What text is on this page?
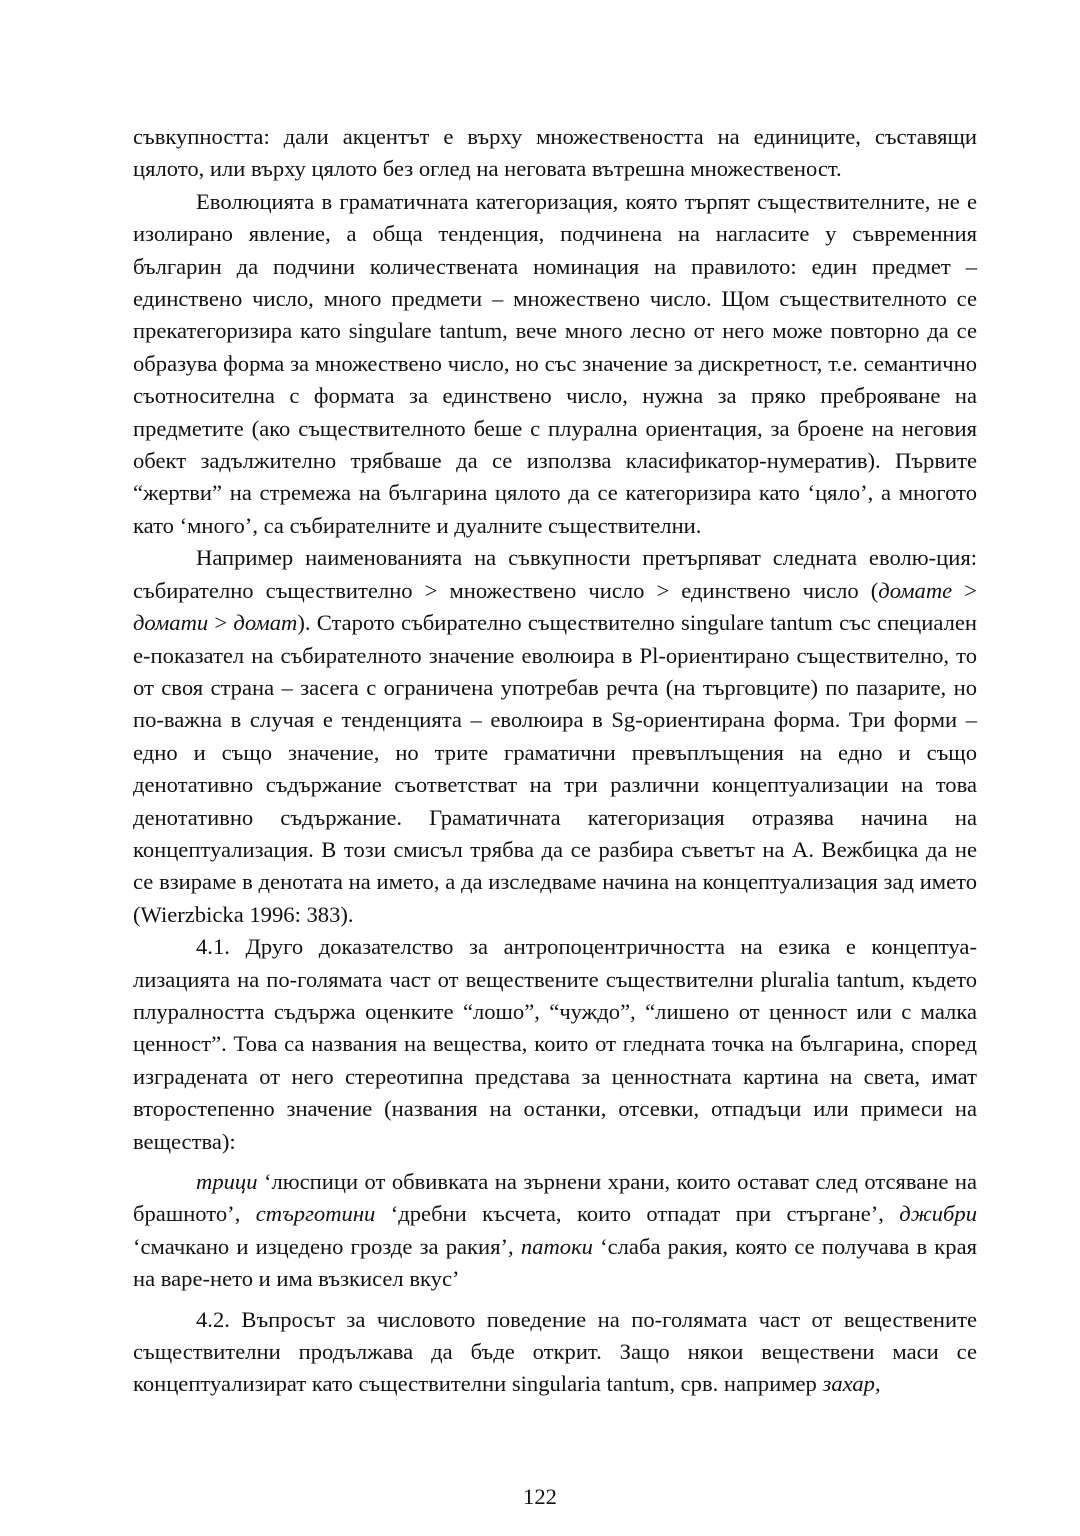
съвкупността: дали акцентът е върху множествеността на единиците, съставящи цялото, или върху цялото без оглед на неговата вътрешна множественост.

Еволюцията в граматичната категоризация, която търпят съществителните, не е изолирано явление, а обща тенденция, подчинена на нагласите у съвременния българин да подчини количествената номинация на правилото: един предмет – единствено число, много предмети – множествено число. Щом съществителното се прекатегоризира като singulare tantum, вече много лесно от него може повторно да се образува форма за множествено число, но със значение за дискретност, т.е. семантично съотносителна с формата за единствено число, нужна за пряко преброяване на предметите (ако съществителното беше с плурална ориентация, за броене на неговия обект задължително трябваше да се използва класификатор-нумератив). Първите “жертви” на стремежа на българина цялото да се категоризира като ‘цяло’, а многото като ‘много’, са събирателните и дуалните съществителни.

Например наименованията на съвкупности претърпяват следната еволю-ция: събирателно съществително > множествено число > единствено число (домате > домати > домат). Старото събирателно съществително singulare tantum със специален е-показател на събирателното значение еволюира в Pl-ориентирано съществително, то от своя страна – засега с ограничена употребав речта (на търговците) по пазарите, но по-важна в случая е тенденцията – еволюира в Sg-ориентирана форма. Три форми – едно и също значение, но трите граматични превъплъщения на едно и също денотативно съдържание съответстват на три различни концептуализации на това денотативно съдържание. Граматичната категоризация отразява начина на концептуализация. В този смисъл трябва да се разбира съветът на А. Вежбицка да не се взираме в денотата на името, а да изследваме начина на концептуализация зад името (Wierzbicka 1996: 383).

4.1. Друго доказателство за антропоцентричността на езика е концептуализацията на по-голямата част от веществените съществителни pluralia tantum, където плуралността съдържа оценките “лошо”, “чуждо”, “лишено от ценност или с малка ценност”. Това са названия на вещества, които от гледната точка на българина, според изградената от него стереотипна представа за ценностната картина на света, имат второстепенно значение (названия на останки, отсевки, отпадъци или примеси на вещества):

трици ‘люспици от обвивката на зърнени храни, които остават след отсяване на брашното’, стърготини ‘дребни късчета, които отпадат при стъргане’, джибри ‘смачкано и изцедено грозде за ракия’, патоки ‘слаба ракия, която се получава в края на варе-нето и има възкисел вкус’

4.2. Въпросът за числовото поведение на по-голямата част от веществените съществителни продължава да бъде открит. Защо някои веществени маси се концептуализират като съществителни singularia tantum, срв. например захар,

122
